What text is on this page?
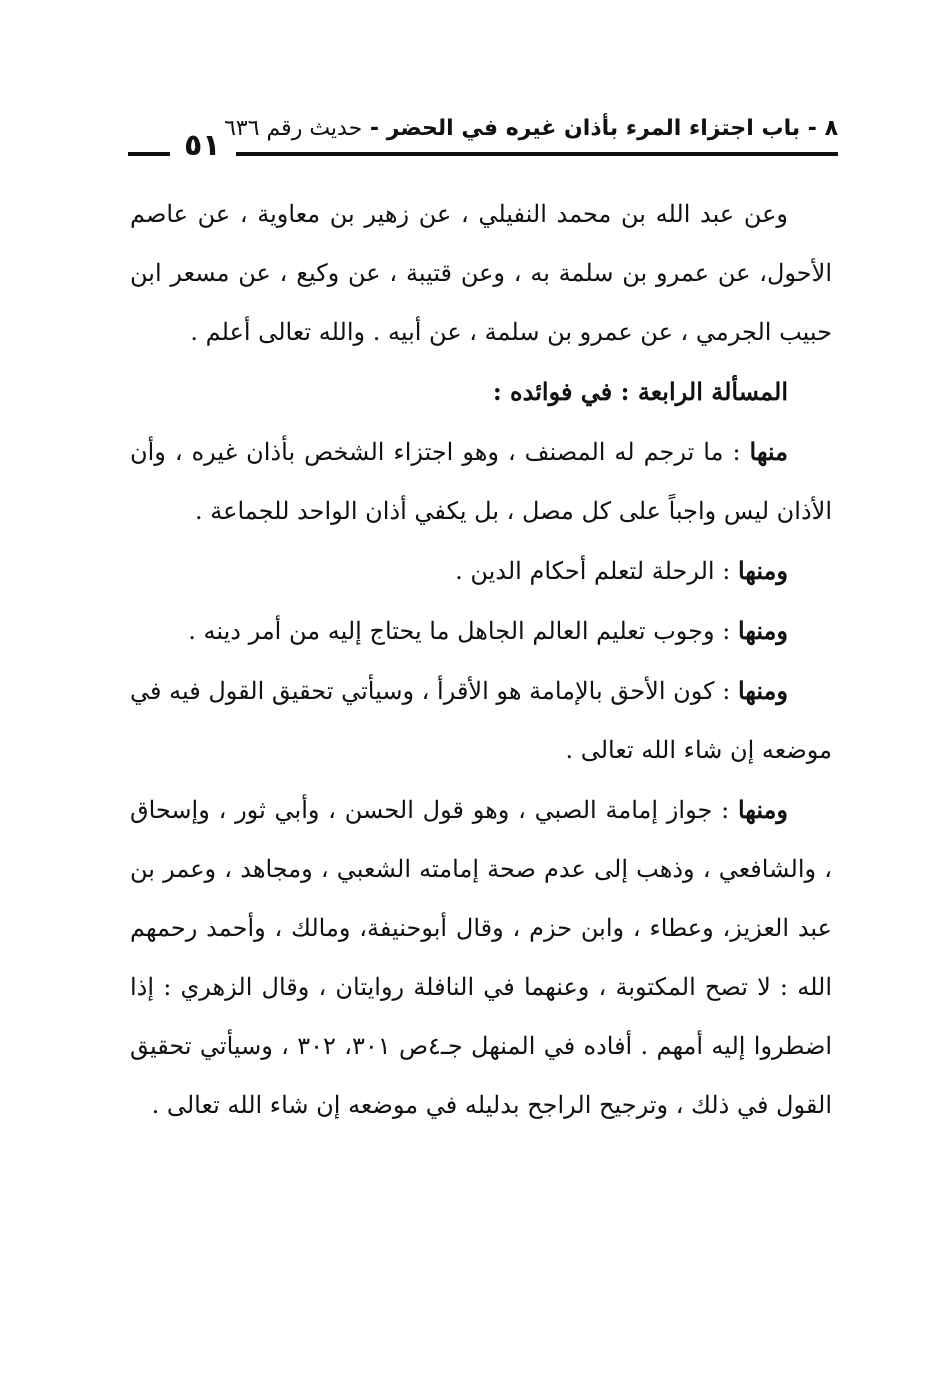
٨ - باب اجتزاء المرء بأذان غيره في الحضر - حديث رقم ٦٣٦
٥١

وعن عبد الله بن محمد النفيلي ، عن زهير بن معاوية ، عن عاصم الأحول، عن عمرو بن سلمة به ، وعن قتيبة ، عن وكيع ، عن مسعر ابن حبيب الجرمي ، عن عمرو بن سلمة ، عن أبيه . والله تعالى أعلم .

المسألة الرابعة : في فوائده :

منها : ما ترجم له المصنف ، وهو اجتزاء الشخص بأذان غيره ، وأن الأذان ليس واجباً على كل مصل ، بل يكفي أذان الواحد للجماعة .

ومنها : الرحلة لتعلم أحكام الدين .

ومنها : وجوب تعليم العالم الجاهل ما يحتاج إليه من أمر دينه .

ومنها : كون الأحق بالإمامة هو الأقرأ ، وسيأتي تحقيق القول فيه في موضعه إن شاء الله تعالى .

ومنها : جواز إمامة الصبي ، وهو قول الحسن ، وأبي ثور ، وإسحاق ، والشافعي ، وذهب إلى عدم صحة إمامته الشعبي ، ومجاهد ، وعمر بن عبد العزيز، وعطاء ، وابن حزم ، وقال أبوحنيفة، ومالك ، وأحمد رحمهم الله : لا تصح المكتوبة ، وعنهما في النافلة روايتان ، وقال الزهري : إذا اضطروا إليه أمهم . أفاده في المنهل جـ٤ص ٣٠١، ٣٠٢ ، وسيأتي تحقيق القول في ذلك ، وترجيح الراجح بدليله في موضعه إن شاء الله تعالى .
